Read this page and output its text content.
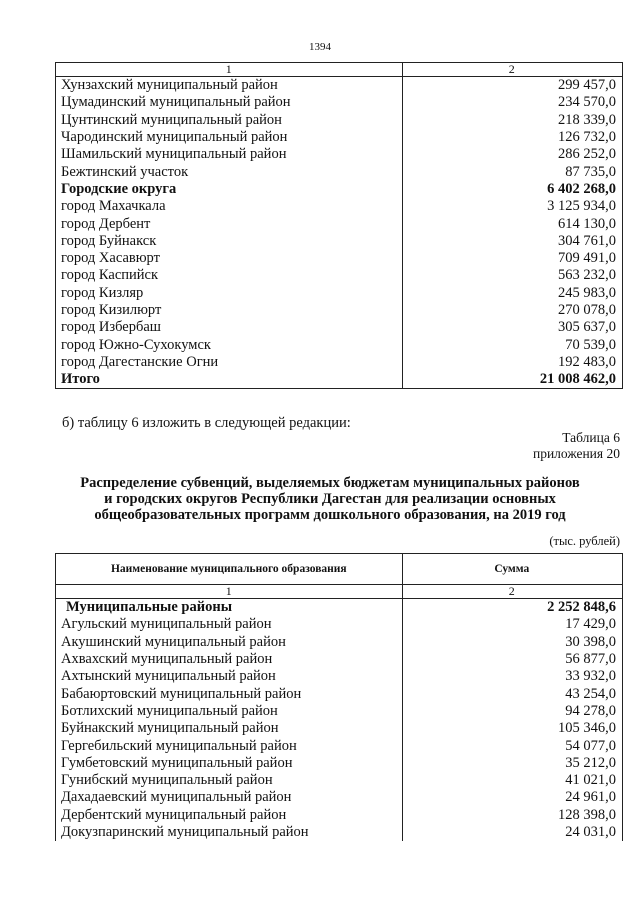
1394
1	2
Хунзахский муниципальный район	299 457,0
Цумадинский муниципальный район	234 570,0
Цунтинский муниципальный район	218 339,0
Чародинский муниципальный район	126 732,0
Шамильский муниципальный район	286 252,0
Бежтинский участок	87 735,0
Городские округа	6 402 268,0
город Махачкала	3 125 934,0
город Дербент	614 130,0
город Буйнакск	304 761,0
город Хасавюрт	709 491,0
город Каспийск	563 232,0
город Кизляр	245 983,0
город Кизилюрт	270 078,0
город Избербаш	305 637,0
город Южно-Сухокумск	70 539,0
город Дагестанские Огни	192 483,0
Итого	21 008 462,0
б) таблицу 6 изложить в следующей редакции:
Таблица 6
приложения 20
Распределение субвенций, выделяемых бюджетам муниципальных районов
и городских округов Республики Дагестан для реализации основных
общеобразовательных программ дошкольного образования, на 2019 год
(тыс. рублей)
Наименование муниципального образования	Сумма
1	2
Муниципальные районы	2 252 848,6
Агульский муниципальный район	17 429,0
Акушинский муниципальный район	30 398,0
Ахвахский муниципальный район	56 877,0
Ахтынский муниципальный район	33 932,0
Бабаюртовский муниципальный район	43 254,0
Ботлихский муниципальный район	94 278,0
Буйнакский муниципальный район	105 346,0
Гергебильский муниципальный район	54 077,0
Гумбетовский муниципальный район	35 212,0
Гунибский муниципальный район	41 021,0
Дахадаевский муниципальный район	24 961,0
Дербентский муниципальный район	128 398,0
Докузпаринский муниципальный район	24 031,0
